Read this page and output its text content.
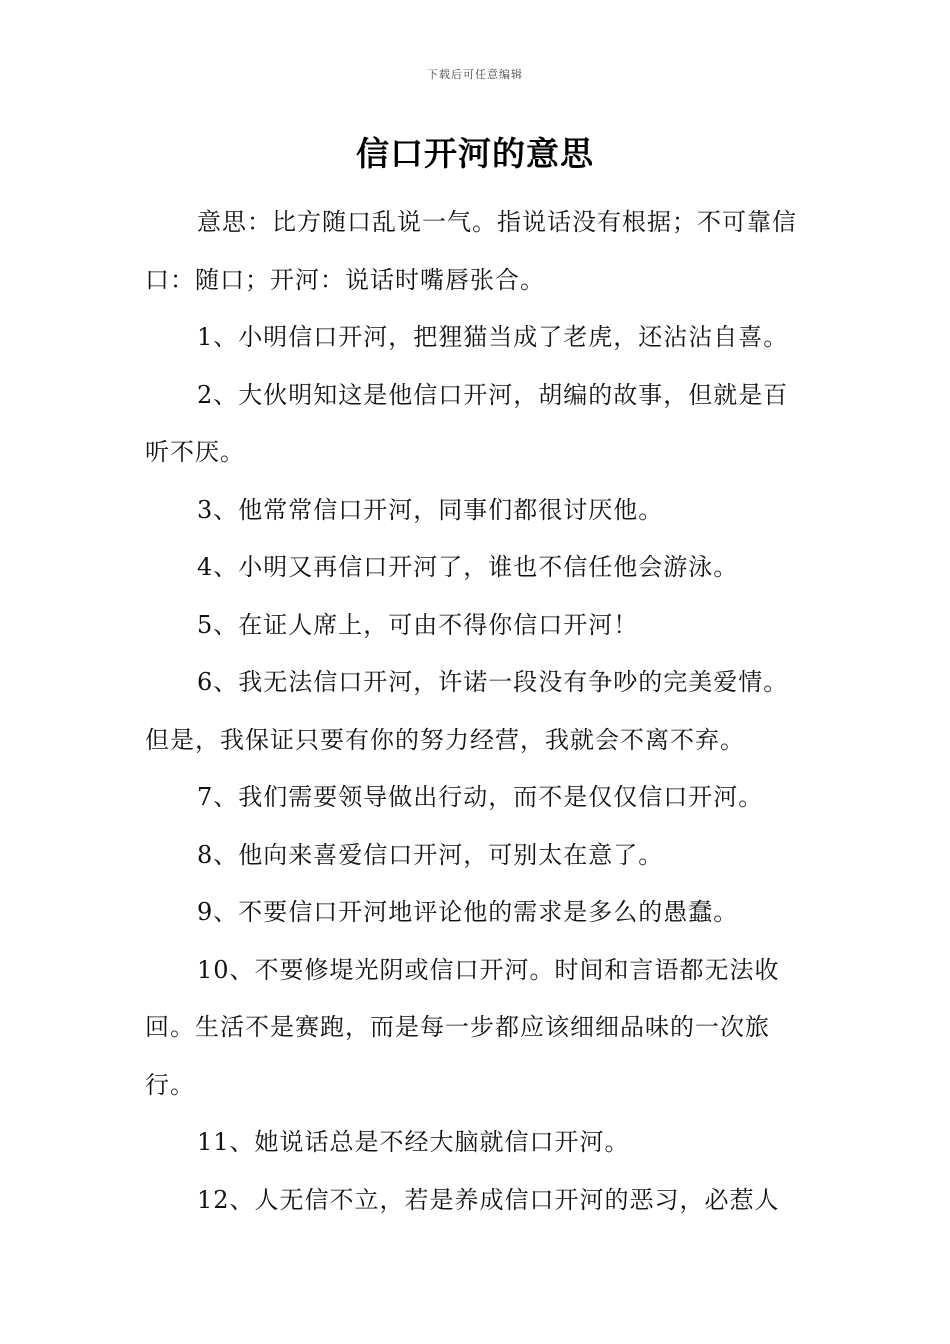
下载后可任意编辑
信口开河的意思

意思：比方随口乱说一气。指说话没有根据；不可靠信口：随口；开河：说话时嘴唇张合。

1、小明信口开河，把狸猫当成了老虎，还沾沾自喜。

2、大伙明知这是他信口开河，胡编的故事，但就是百听不厌。

3、他常常信口开河，同事们都很讨厌他。

4、小明又再信口开河了，谁也不信任他会游泳。

5、在证人席上，可由不得你信口开河！

6、我无法信口开河，许诺一段没有争吵的完美爱情。但是，我保证只要有你的努力经营，我就会不离不弃。

7、我们需要领导做出行动，而不是仅仅信口开河。

8、他向来喜爱信口开河，可别太在意了。

9、不要信口开河地评论他的需求是多么的愚蠢。

10、不要修堤光阴或信口开河。时间和言语都无法收回。生活不是赛跑，而是每一步都应该细细品味的一次旅行。

11、她说话总是不经大脑就信口开河。

12、人无信不立，若是养成信口开河的恶习，必惹人
